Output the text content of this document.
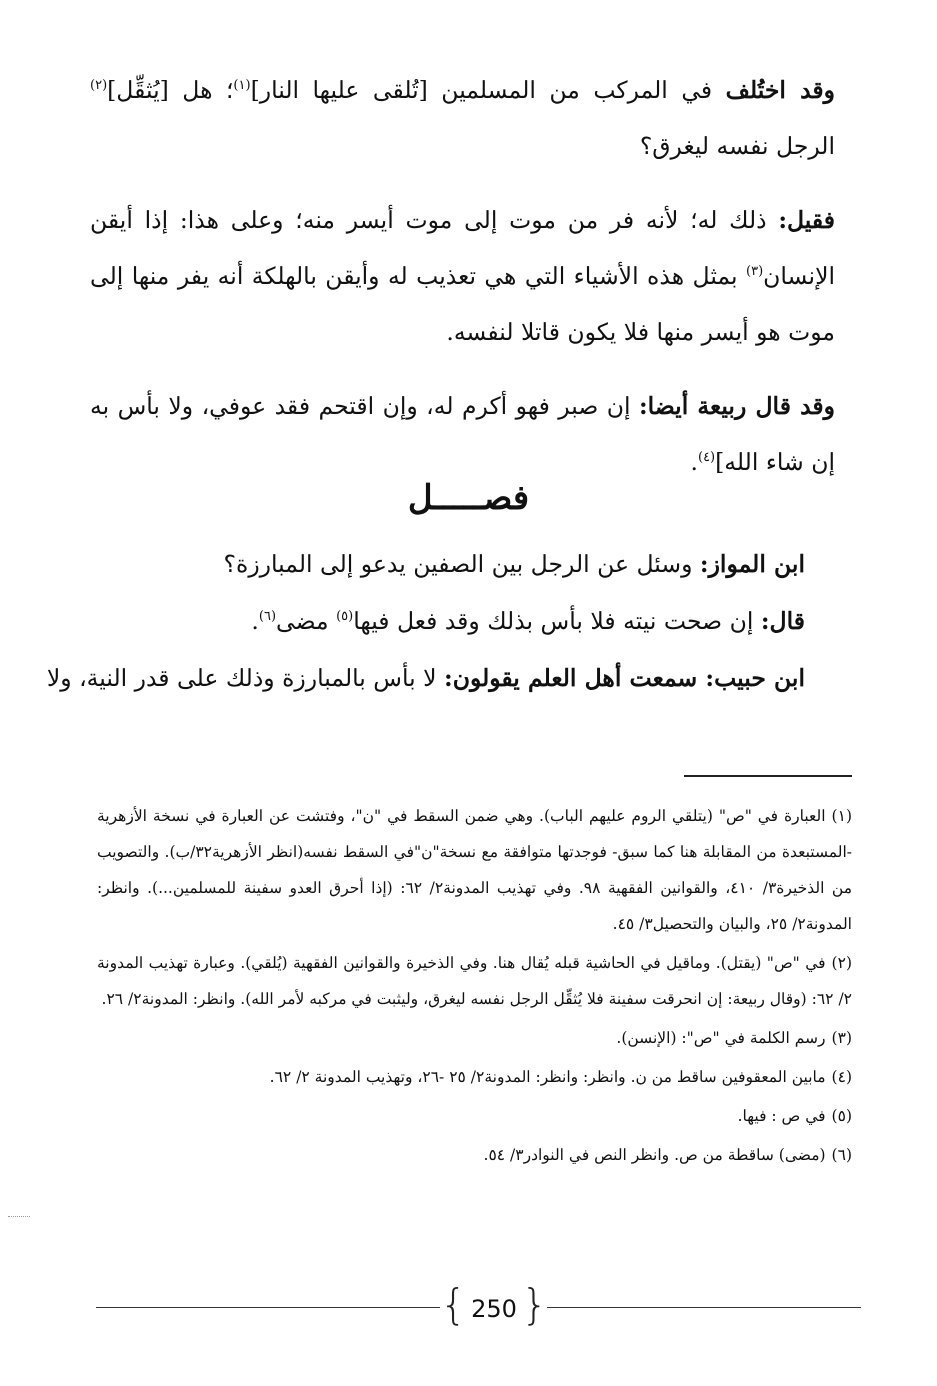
وقد اختُلف في المركب من المسلمين [تُلقى عليها النار]$^{(١)}$؛ هل [يُثقِّل]$^{(٢)}$ الرجل نفسه ليغرق؟

فقيل: ذلك له؛ لأنه فر من موت إلى موت أيسر منه؛ وعلى هذا: إذا أيقن الإنسان$^{(٣)}$ بمثل هذه الأشياء التي هي تعذيب له وأيقن بالهلكة أنه يفر منها إلى موت هو أيسر منها فلا يكون قاتلا لنفسه.

وقد قال ربيعة أيضا: إن صبر فهو أكرم له، وإن اقتحم فقد عوفي، ولا بأس به إن شاء الله]$^{(٤)}$.

فصـــــل
ابن المواز: وسئل عن الرجل بين الصفين يدعو إلى المبارزة؟
قال: إن صحت نيته فلا بأس بذلك وقد فعل فيها$^{(٥)}$ مضى$^{(٦)}$.
ابن حبيب: سمعت أهل العلم يقولون: لا بأس بالمبارزة وذلك على قدر النية، ولا

(١)العبارة في "ص" (يتلقي الروم عليهم الباب). وهي ضمن السقط في "ن"، وفتشت عن العبارة في نسخة الأزهرية -المستبعدة من المقابلة هنا كما سبق- فوجدتها متوافقة مع نسخة"ن"في السقط نفسه(انظر الأزهرية٣٢/ب). والتصويب من الذخيرة٣/ ٤١٠، والقوانين الفقهية ٩٨. وفي تهذيب المدونة٢/ ٦٢: (إذا أحرق العدو سفينة للمسلمين...). وانظر: المدونة٢/ ٢٥، والبيان والتحصيل٣/ ٤٥.

(٢)في "ص" (يقتل). وماقيل في الحاشية قبله يُقال هنا. وفي الذخيرة والقوانين الفقهية (يُلقي). وعبارة تهذيب المدونة ٢/ ٦٢: (وقال ربيعة: إن انحرقت سفينة فلا يُثقِّل الرجل نفسه ليغرق، وليثبت في مركبه لأمر الله). وانظر: المدونة٢/ ٢٦.

(٣)رسم الكلمة في "ص": (الإنسن).

(٤)مابين المعقوفين ساقط من ن. وانظر: وانظر: المدونة٢/ ٢٥ -٢٦، وتهذيب المدونة ٢/ ٦٢.

(٥)في ص : فيها.

(٦)(مضى) ساقطة من ص. وانظر النص في النوادر٣/ ٥٤.

{ 250 }
